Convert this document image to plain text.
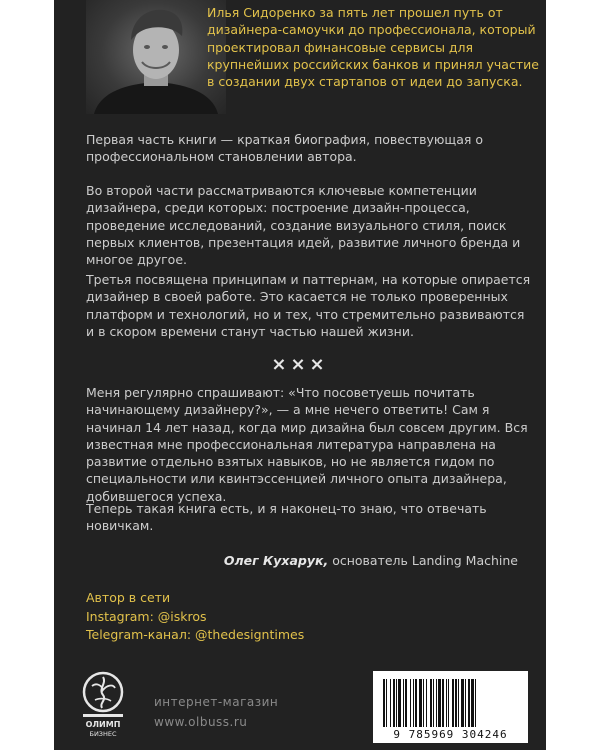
Илья Сидоренко за пять лет прошел путь от дизайнера-самоучки до профессионала, который проектировал финансовые сервисы для крупнейших российских банков и принял участие в создании двух стартапов от идеи до запуска.

Первая часть книги — краткая биография, повествующая о профессиональном становлении автора.

Во второй части рассматриваются ключевые компетенции дизайнера, среди которых: построение дизайн-процесса, проведение исследований, создание визуального стиля, поиск первых клиентов, презентация идей, развитие личного бренда и многое другое.

Третья посвящена принципам и паттернам, на которые опирается дизайнер в своей работе. Это касается не только проверенных платформ и технологий, но и тех, что стремительно развиваются и в скором времени станут частью нашей жизни.

×××

Меня регулярно спрашивают: «Что посоветуешь почитать начинающему дизайнеру?», — а мне нечего ответить! Сам я начинал 14 лет назад, когда мир дизайна был совсем другим. Вся известная мне профессиональная литература направлена на развитие отдельно взятых навыков, но не является гидом по специальности или квинтэссенцией личного опыта дизайнера, добившегося успеха.

Теперь такая книга есть, и я наконец-то знаю, что отвечать новичкам.

Олег Кухарук, основатель Landing Machine
Автор в сети
Instagram: @iskros
Telegram-канал: @thedesigntimes
ОЛИМП
БИЗНЕС
интернет-магазин
www.olbuss.ru
9 785969 304246
